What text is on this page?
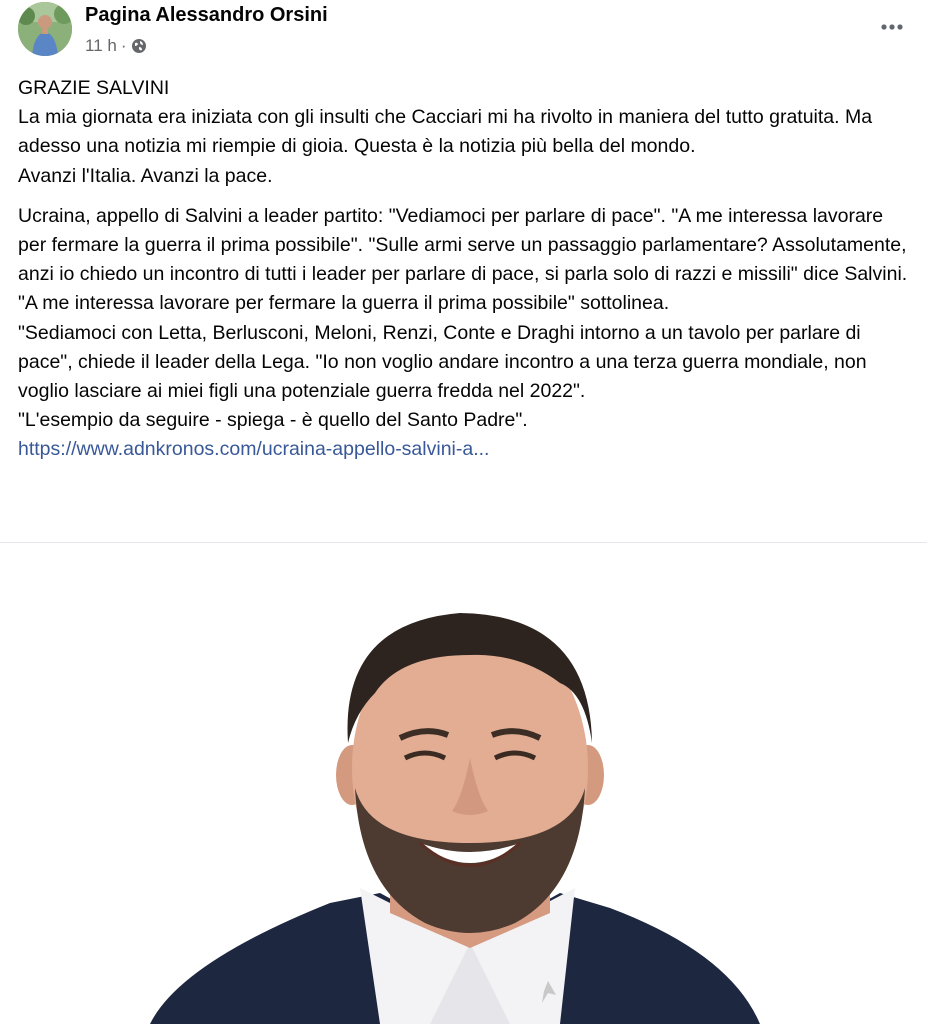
Pagina Alessandro Orsini
11 h ·

GRAZIE SALVINI

La mia giornata era iniziata con gli insulti che Cacciari mi ha rivolto in maniera del tutto gratuita. Ma adesso una notizia mi riempie di gioia. Questa è la notizia più bella del mondo.

Avanzi l'Italia. Avanzi la pace.

Ucraina, appello di Salvini a leader partito: "Vediamoci per parlare di pace". "A me interessa lavorare per fermare la guerra il prima possibile". "Sulle armi serve un passaggio parlamentare? Assolutamente, anzi io chiedo un incontro di tutti i leader per parlare di pace, si parla solo di razzi e missili" dice Salvini. "A me interessa lavorare per fermare la guerra il prima possibile" sottolinea.

"Sediamoci con Letta, Berlusconi, Meloni, Renzi, Conte e Draghi intorno a un tavolo per parlare di pace", chiede il leader della Lega. "Io non voglio andare incontro a una terza guerra mondiale, non voglio lasciare ai miei figli una potenziale guerra fredda nel 2022".

"L'esempio da seguire - spiega - è quello del Santo Padre".

https://www.adnkronos.com/ucraina-appello-salvini-a...
